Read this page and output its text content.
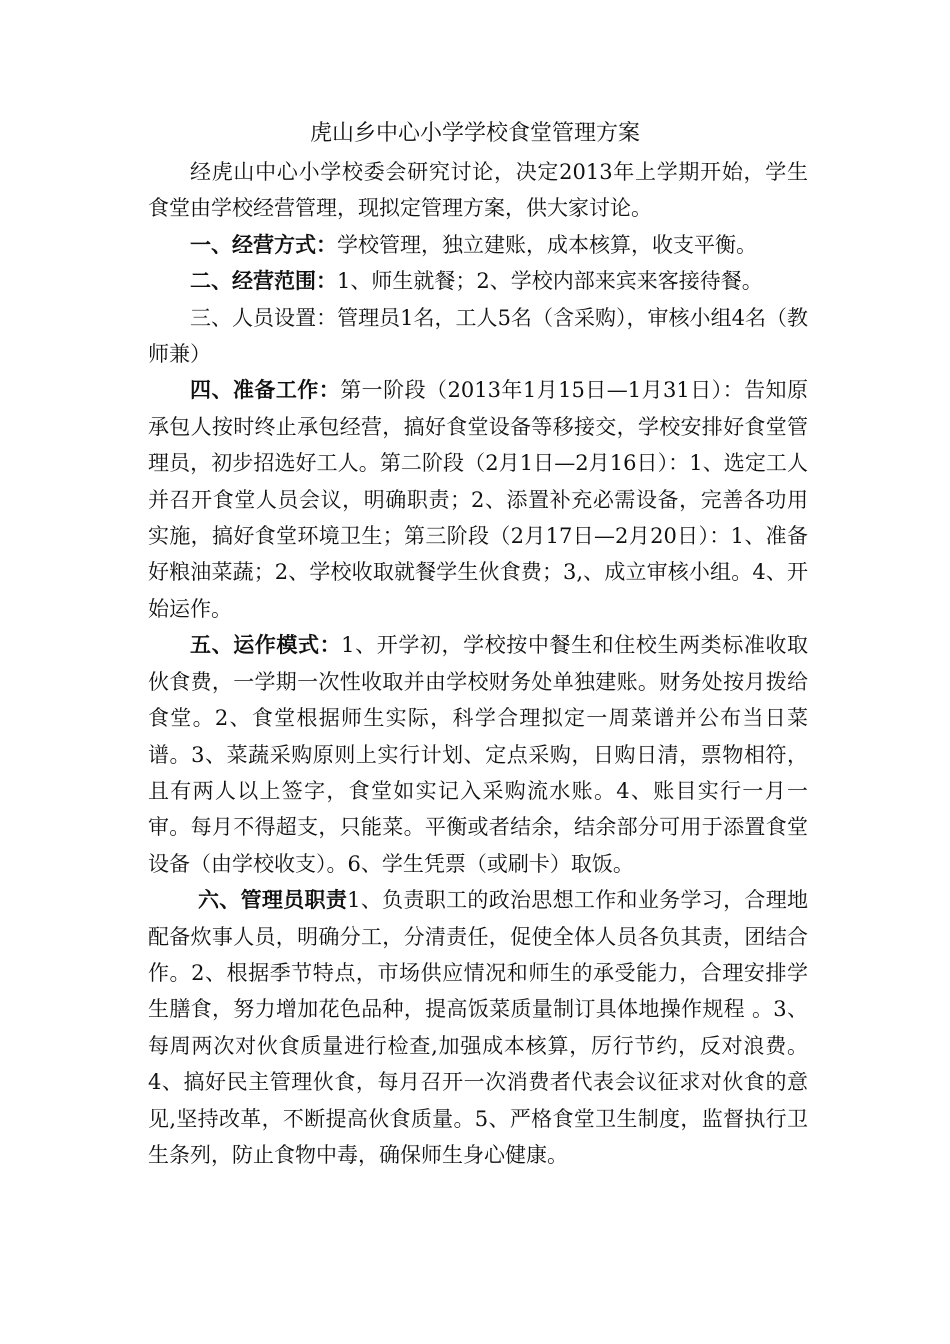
虎山乡中心小学学校食堂管理方案

经虎山中心小学校委会研究讨论，决定2013年上学期开始，学生食堂由学校经营管理，现拟定管理方案，供大家讨论。

一、经营方式：学校管理，独立建账，成本核算，收支平衡。

二、经营范围：1、师生就餐；2、学校内部来宾来客接待餐。

三、人员设置：管理员1名，工人5名（含采购），审核小组4名（教师兼）

四、准备工作：第一阶段（2013年1月15日—1月31日）：告知原承包人按时终止承包经营，搞好食堂设备等移接交，学校安排好食堂管理员，初步招选好工人。第二阶段（2月1日—2月16日）：1、选定工人并召开食堂人员会议，明确职责；2、添置补充必需设备，完善各功用实施，搞好食堂环境卫生；第三阶段（2月17日—2月20日）：1、准备好粮油菜蔬；2、学校收取就餐学生伙食费；3,、成立审核小组。4、开始运作。

五、运作模式：1、开学初，学校按中餐生和住校生两类标准收取伙食费，一学期一次性收取并由学校财务处单独建账。财务处按月拨给食堂。2、食堂根据师生实际，科学合理拟定一周菜谱并公布当日菜谱。3、菜蔬采购原则上实行计划、定点采购，日购日清，票物相符，且有两人以上签字，食堂如实记入采购流水账。4、账目实行一月一审。每月不得超支，只能菜。平衡或者结余，结余部分可用于添置食堂设备（由学校收支）。6、学生凭票（或刷卡）取饭。

六、管理员职责1、负责职工的政治思想工作和业务学习，合理地配备炊事人员，明确分工，分清责任，促使全体人员各负其责，团结合作。2、根据季节特点，市场供应情况和师生的承受能力，合理安排学生膳食，努力增加花色品种，提高饭菜质量制订具体地操作规程 。3、每周两次对伙食质量进行检查,加强成本核算，厉行节约，反对浪费。4、搞好民主管理伙食，每月召开一次消费者代表会议征求对伙食的意见,坚持改革，不断提高伙食质量。5、严格食堂卫生制度，监督执行卫生条列，防止食物中毒，确保师生身心健康。
